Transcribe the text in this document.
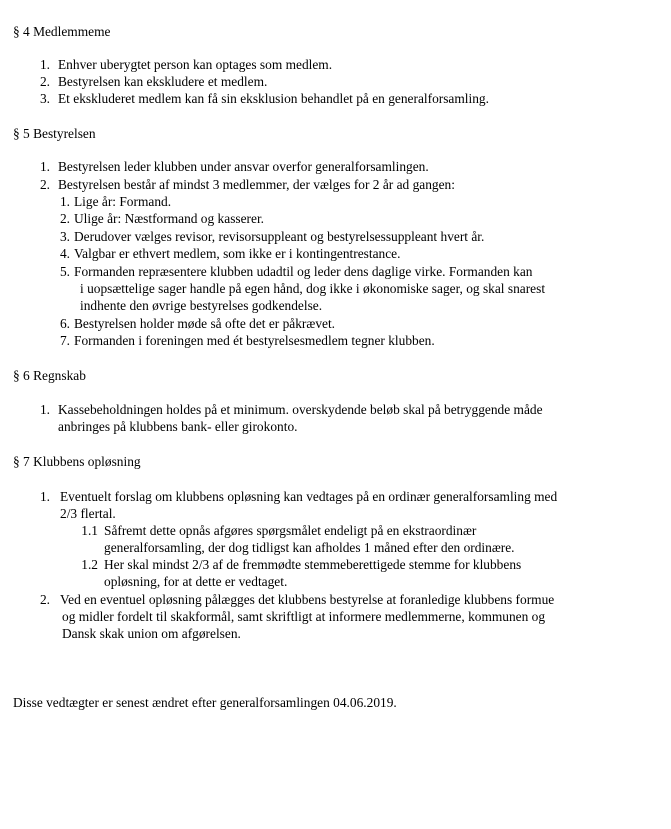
§ 4 Medlemmeme
1. Enhver uberygtet person kan optages som medlem.
2. Bestyrelsen kan ekskludere et medlem.
3. Et ekskluderet medlem kan få sin eksklusion behandlet på en generalforsamling.
§ 5 Bestyrelsen
1. Bestyrelsen leder klubben under ansvar overfor generalforsamlingen.
2. Bestyrelsen består af mindst 3 medlemmer, der vælges for 2 år ad gangen:
1. Lige år: Formand.
2. Ulige år: Næstformand og kasserer.
3. Derudover vælges revisor, revisorsuppleant og bestyrelsessuppleant hvert år.
4. Valgbar er ethvert medlem, som ikke er i kontingentrestance.
5. Formanden repræsentere klubben udadtil og leder dens daglige virke. Formanden kan
i uopsættelige sager handle på egen hånd, dog ikke i økonomiske sager, og skal snarest
indhente den øvrige bestyrelses godkendelse.
6. Bestyrelsen holder møde så ofte det er påkrævet.
7. Formanden i foreningen med ét bestyrelsesmedlem tegner klubben.
§ 6 Regnskab
1. Kassebeholdningen holdes på et minimum. overskydende beløb skal på betryggende måde
anbringes på klubbens bank- eller girokonto.
§ 7 Klubbens opløsning
1. Eventuelt forslag om klubbens opløsning kan vedtages på en ordinær generalforsamling med
2/3 flertal.
1.1 Såfremt dette opnås afgøres spørgsmålet endeligt på en ekstraordinær
generalforsamling, der dog tidligst kan afholdes 1 måned efter den ordinære.
1.2 Her skal mindst 2/3 af de fremmødte stemmeberettigede stemme for klubbens
opløsning, for at dette er vedtaget.
2. Ved en eventuel opløsning pålægges det klubbens bestyrelse at foranledige klubbens formue
og midler fordelt til skakformål, samt skriftligt at informere medlemmerne, kommunen og
Dansk skak union om afgørelsen.
Disse vedtægter er senest ændret efter generalforsamlingen 04.06.2019.
